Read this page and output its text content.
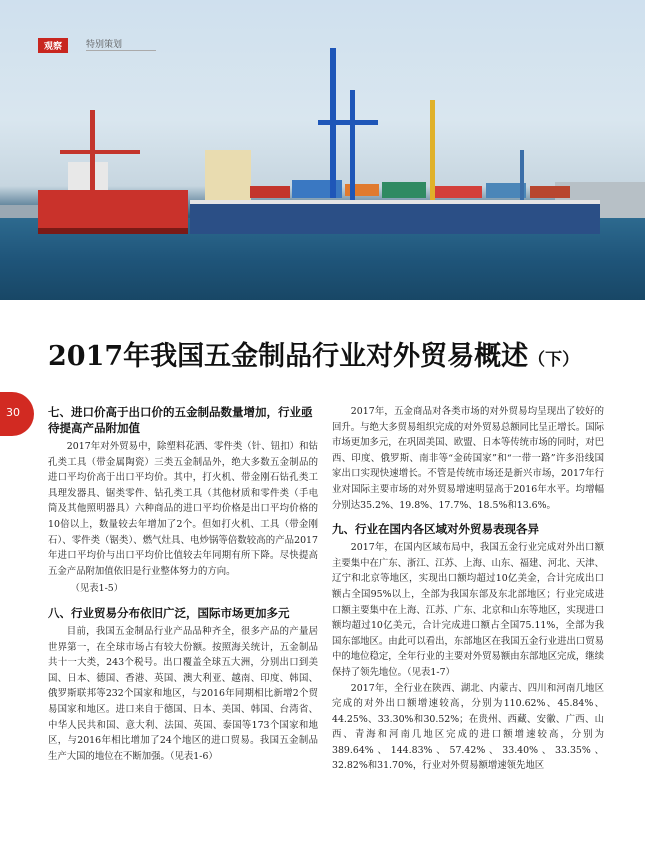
观察	特别策划
2017年我国五金制品行业对外贸易概述（下）
30 七、进口价高于出口价的五金制品数量增加，行业亟待提高产品附加值

2017年对外贸易中，除塑料花洒、零件类（针、钮扣）和钻孔类工具（带金属陶瓷）三类五金制品外，绝大多数五金制品的进口平均价高于出口平均价。其中，打火机、带金刚石钻孔类工具理发器具、锯类零件、钻孔类工具（其他材质和零件类（手电筒及其他照明器具）六种商品的进口平均价格是出口平均价格的10倍以上，数量较去年增加了2个。但如打火机、工具（带金刚石）、零件类（锯类）、燃气灶具、电炒锅等倍数较高的产品2017年进口平均价与出口平均价比值较去年同期有所下降。尽快提高五金产品附加值依旧是行业整体努力的方向。

（见表1-5）

八、行业贸易分布依旧广泛，国际市场更加多元

目前，我国五金制品行业产品品种齐全，很多产品的产量居世界第一，在全球市场占有较大份额。按照海关统计，五金制品共十一大类，243个税号。出口覆盖全球五大洲，分别出口到美国、日本、德国、香港、英国、澳大利亚、越南、印度、韩国、俄罗斯联邦等232个国家和地区，与2016年同期相比新增2个贸易国家和地区。进口来自于德国、日本、美国、韩国、台湾省、中华人民共和国、意大利、法国、英国、泰国等173个国家和地区，与2016年相比增加了24个地区的进口贸易。我国五金制品生产大国的地位在不断加强。（见表1-6）

2017年，五金商品对各类市场的对外贸易均呈现出了较好的回升。与绝大多贸易组织完成的对外贸易总额同比呈正增长。国际市场更加多元，在巩固美国、欧盟、日本等传统市场的同时，对巴西、印度、俄罗斯、南非等“金砖国家”和“一带一路”许多沿线国家出口实现快速增长。不管是传统市场还是新兴市场，2017年行业对国际主要市场的对外贸易增速明显高于2016年水平。均增幅分别达35.2%、19.8%、17.7%、18.5%和13.6%。

九、行业在国内各区域对外贸易表现各异

2017年，在国内区域布局中，我国五金行业完成对外出口额主要集中在广东、浙江、江苏、上海、山东、福建、河北、天津、辽宁和北京等地区，实现出口额均超过10亿美金，合计完成出口额占全国95%以上，全部为我国东部及东北部地区；行业完成进口额主要集中在上海、江苏、广东、北京和山东等地区，实现进口额均超过10亿美元，合计完成进口额占全国75.11%，全部为我国东部地区。由此可以看出，东部地区在我国五金行业进出口贸易中的地位稳定，全年行业的主要对外贸易额由东部地区完成，继续保持了领先地位。（见表1-7）

2017年，全行业在陕西、湖北、内蒙古、四川和河南几地区完成的对外出口额增速较高，分别为110.62%、45.84%、44.25%、33.30%和30.52%；在贵州、西藏、安徽、广西、山西、青海和河南几地区完成的进口额增速较高，分别为389.64%、144.83%、57.42%、33.40%、33.35%、32.82%和31.70%，行业对外贸易额增速领先地区
